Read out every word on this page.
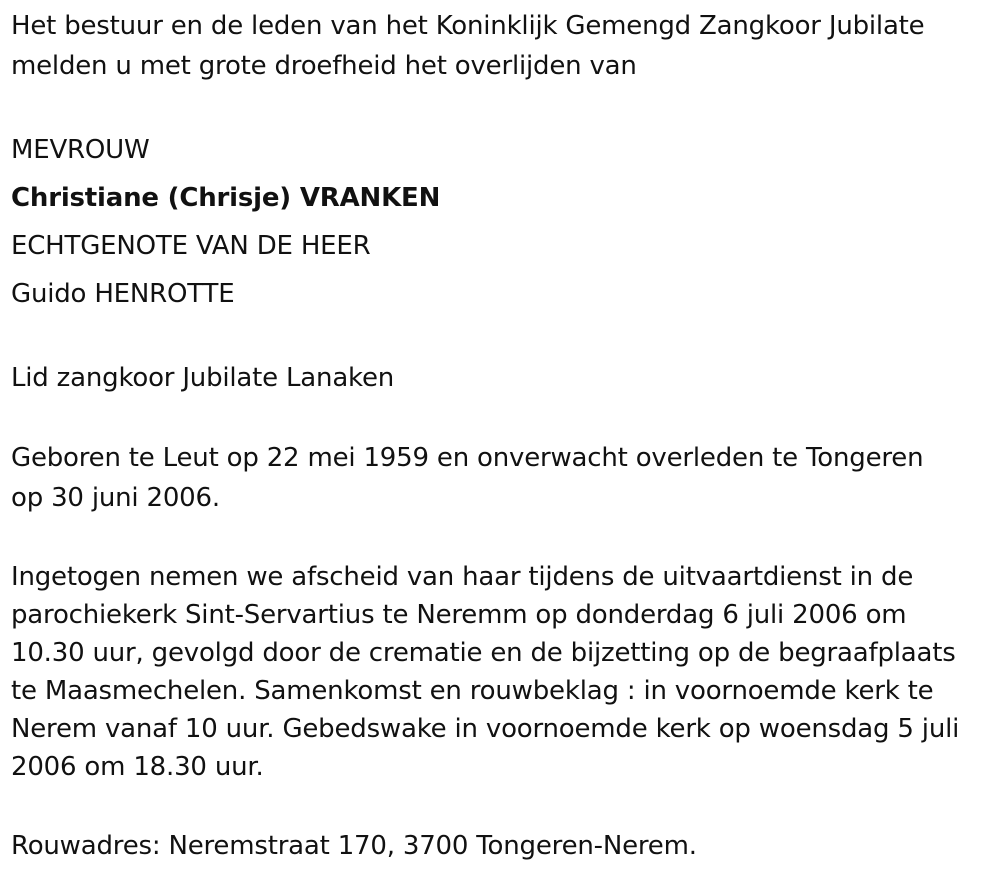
Het bestuur en de leden van het Koninklijk Gemengd Zangkoor Jubilate
melden u met grote droefheid het overlijden van
MEVROUW
Christiane (Chrisje) VRANKEN
ECHTGENOTE VAN DE HEER
Guido HENROTTE
Lid zangkoor Jubilate Lanaken
Geboren te Leut op 22 mei 1959 en onverwacht overleden te Tongeren
op 30 juni 2006.
Ingetogen nemen we afscheid van haar tijdens de uitvaartdienst in de
parochiekerk Sint-Servartius te Neremm op donderdag 6 juli 2006 om
10.30 uur, gevolgd door de crematie en de bijzetting op de begraafplaats
te Maasmechelen. Samenkomst en rouwbeklag : in voornoemde kerk te
Nerem vanaf 10 uur. Gebedswake in voornoemde kerk op woensdag 5 juli
2006 om 18.30 uur.
Rouwadres: Neremstraat 170, 3700 Tongeren-Nerem.
